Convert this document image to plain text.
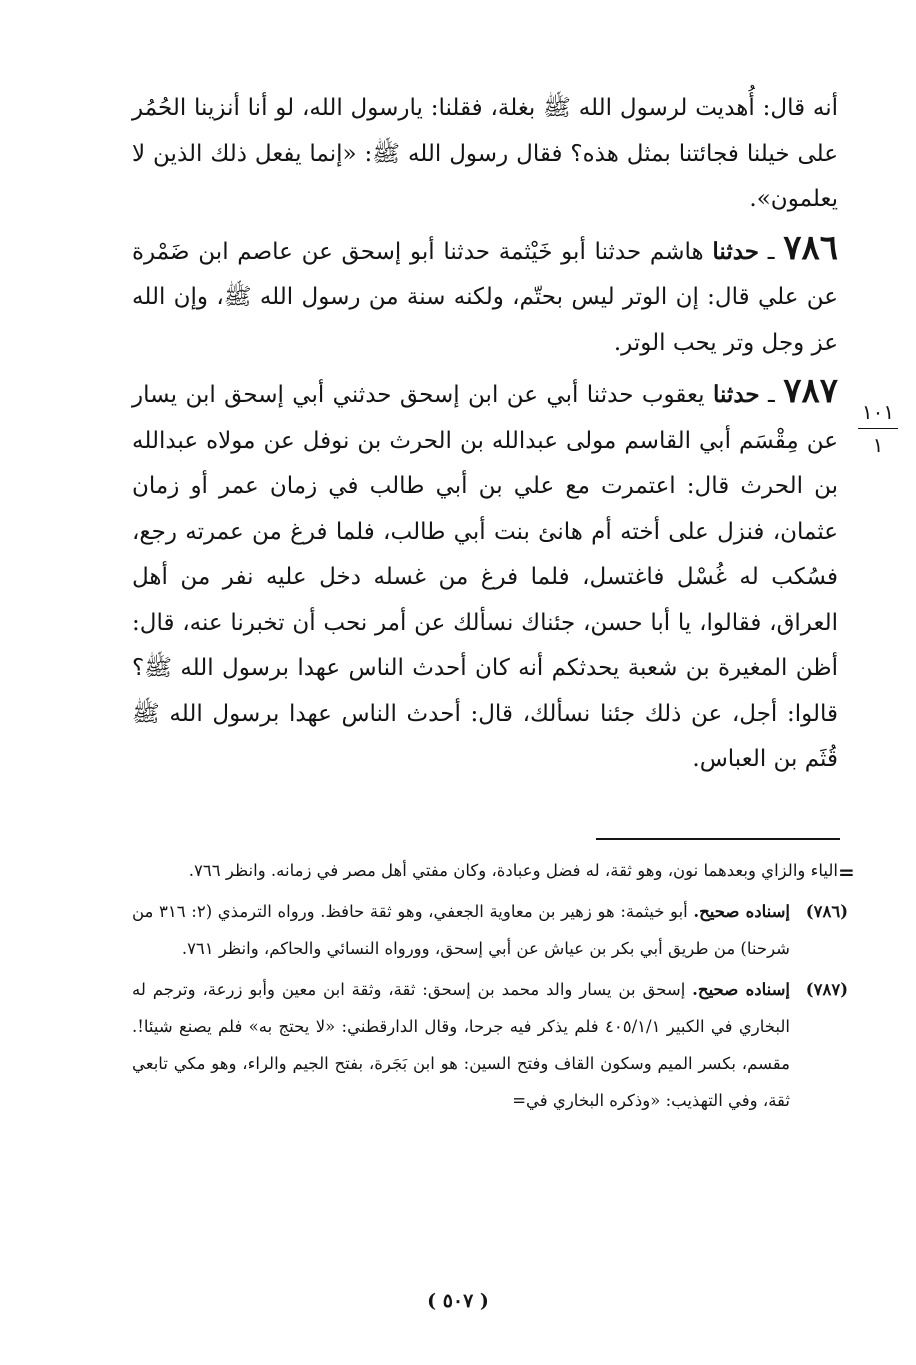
أنه قال: أُهديت لرسول الله ﷺ بغلة، فقلنا: يارسول الله، لو أنا أنزينا الحُمُر على خيلنا فجائتنا بمثل هذه؟ فقال رسول الله ﷺ: «إنما يفعل ذلك الذين لا يعلمون».

٧٨٦ ـ حدثنا هاشم حدثنا أبو خَيْثمة حدثنا أبو إسحق عن عاصم ابن ضَمْرة عن علي قال: إن الوتر ليس بحتّم، ولكنه سنة من رسول الله ﷺ، وإن الله عز وجل وتر يحب الوتر.

٧٨٧ ـ حدثنا يعقوب حدثنا أبي عن ابن إسحق حدثني أبي إسحق ابن يسار عن مِقْسَم أبي القاسم مولى عبدالله بن الحرث بن نوفل عن مولاه عبدالله بن الحرث قال: اعتمرت مع علي بن أبي طالب في زمان عمر أو زمان عثمان، فنزل على أخته أم هانئ بنت أبي طالب، فلما فرغ من عمرته رجع، فسُكب له غُسْل فاغتسل، فلما فرغ من غسله دخل عليه نفر من أهل العراق، فقالوا، يا أبا حسن، جئناك نسألك عن أمر نحب أن تخبرنا عنه، قال: أظن المغيرة بن شعبة يحدثكم أنه كان أحدث الناس عهدا برسول الله ﷺ؟ قالوا: أجل، عن ذلك جئنا نسألك، قال: أحدث الناس عهدا برسول الله ﷺ قُثَم بن العباس.

١٠١
١
=

الياء والزاي وبعدهما نون، وهو ثقة، له فضل وعبادة، وكان مفتي أهل مصر في زمانه. وانظر ٧٦٦.

(٧٨٦)
إسناده صحيح. أبو خيثمة: هو زهير بن معاوية الجعفي، وهو ثقة حافظ. ورواه الترمذي (٢: ٣١٦ من شرحنا) من طريق أبي بكر بن عياش عن أبي إسحق، وورواه النسائي والحاكم، وانظر ٧٦١.

(٧٨٧)
إسناده صحيح. إسحق بن يسار والد محمد بن إسحق: ثقة، وثقة ابن معين وأبو زرعة، وترجم له البخاري في الكبير ٤٠٥/١/١ فلم يذكر فيه جرحا، وقال الدارقطني: «لا يحتج به» فلم يصنع شيئا!. مقسم، بكسر الميم وسكون القاف وفتح السين: هو ابن بَجَرة، بفتح الجيم والراء، وهو مكي تابعي ثقة، وفي التهذيب: «وذكره البخاري في=

( ٥٠٧ )
